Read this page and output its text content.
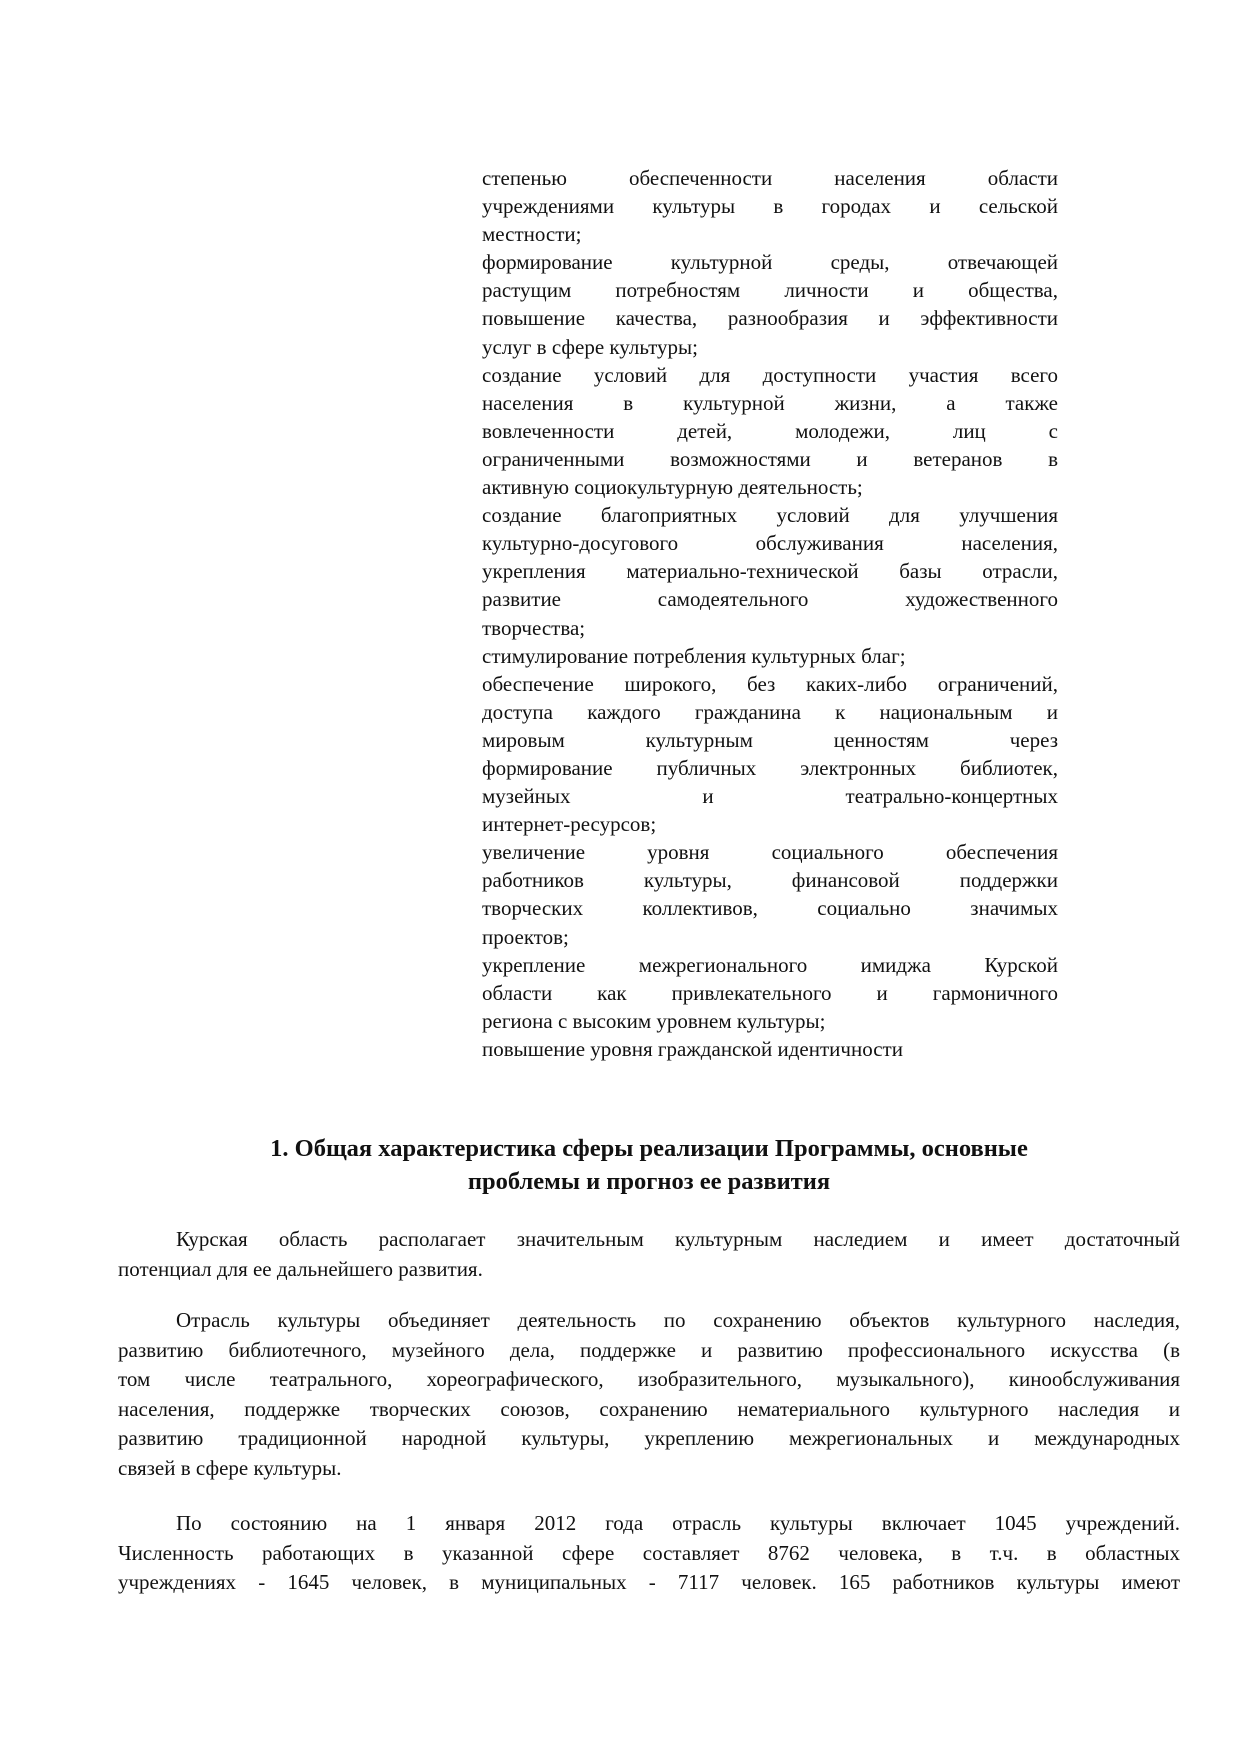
степенью обеспеченности населения области
учреждениями культуры в городах и сельской
местности;
формирование культурной среды, отвечающей
растущим потребностям личности и общества,
повышение качества, разнообразия и эффективности
услуг в сфере культуры;
создание условий для доступности участия всего
населения в культурной жизни, а также
вовлеченности детей, молодежи, лиц с
ограниченными возможностями и ветеранов в
активную социокультурную деятельность;
создание благоприятных условий для улучшения
культурно-досугового обслуживания населения,
укрепления материально-технической базы отрасли,
развитие самодеятельного художественного
творчества;
стимулирование потребления культурных благ;
обеспечение широкого, без каких-либо ограничений,
доступа каждого гражданина к национальным и
мировым культурным ценностям через
формирование публичных электронных библиотек,
музейных и театрально-концертных
интернет-ресурсов;
увеличение уровня социального обеспечения
работников культуры, финансовой поддержки
творческих коллективов, социально значимых
проектов;
укрепление межрегионального имиджа Курской
области как привлекательного и гармоничного
региона с высоким уровнем культуры;
повышение уровня гражданской идентичности
1. Общая характеристика сферы реализации Программы, основные
проблемы и прогноз ее развития
Курская область располагает значительным культурным наследием и имеет достаточный
потенциал для ее дальнейшего развития.
Отрасль культуры объединяет деятельность по сохранению объектов культурного наследия,
развитию библиотечного, музейного дела, поддержке и развитию профессионального искусства (в
том числе театрального, хореографического, изобразительного, музыкального), кинообслуживания
населения, поддержке творческих союзов, сохранению нематериального культурного наследия и
развитию традиционной народной культуры, укреплению межрегиональных и международных
связей в сфере культуры.
По состоянию на 1 января 2012 года отрасль культуры включает 1045 учреждений.
Численность работающих в указанной сфере составляет 8762 человека, в т.ч. в областных
учреждениях - 1645 человек, в муниципальных - 7117 человек. 165 работников культуры имеют
